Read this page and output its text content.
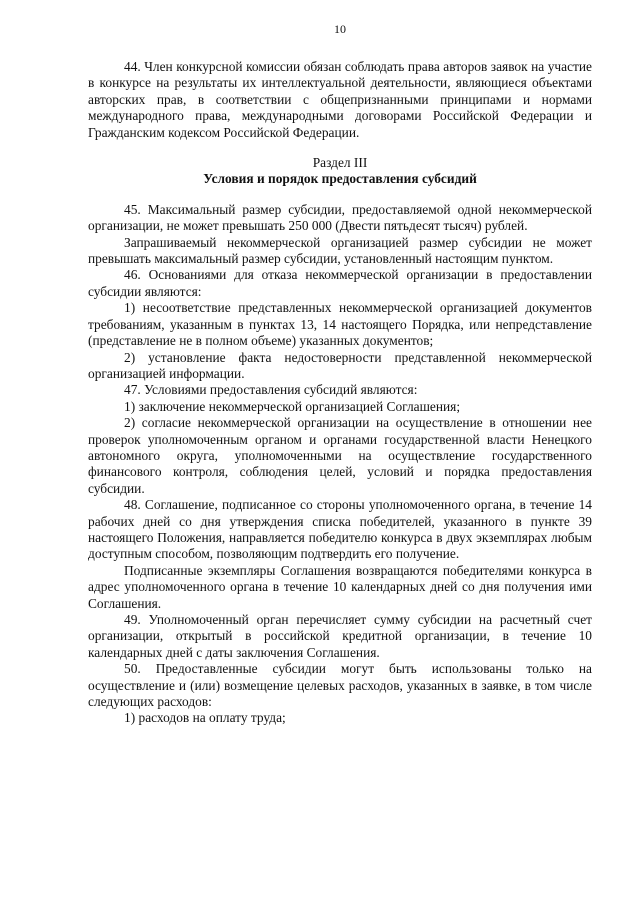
10

44. Член конкурсной комиссии обязан соблюдать права авторов заявок на участие в конкурсе на результаты их интеллектуальной деятельности, являющиеся объектами авторских прав, в соответствии с общепризнанными принципами и нормами международного права, международными договорами Российской Федерации и Гражданским кодексом Российской Федерации.

Раздел III

Условия и порядок предоставления субсидий

45. Максимальный размер субсидии, предоставляемой одной некоммерческой организации, не может превышать 250 000 (Двести пятьдесят тысяч) рублей.

Запрашиваемый некоммерческой организацией размер субсидии не может превышать максимальный размер субсидии, установленный настоящим пунктом.

46. Основаниями для отказа некоммерческой организации в предоставлении субсидии являются:

1) несоответствие представленных некоммерческой организацией документов требованиям, указанным в пунктах 13, 14 настоящего Порядка, или непредставление (представление не в полном объеме) указанных документов;

2) установление факта недостоверности представленной некоммерческой организацией информации.

47. Условиями предоставления субсидий являются:

1) заключение некоммерческой организацией Соглашения;

2) согласие некоммерческой организации на осуществление в отношении нее проверок уполномоченным органом и органами государственной власти Ненецкого автономного округа, уполномоченными на осуществление государственного финансового контроля, соблюдения целей, условий и порядка предоставления субсидии.

48. Соглашение, подписанное со стороны уполномоченного органа, в течение 14 рабочих дней со дня утверждения списка победителей, указанного в пункте 39 настоящего Положения, направляется победителю конкурса в двух экземплярах любым доступным способом, позволяющим подтвердить его получение.

Подписанные экземпляры Соглашения возвращаются победителями конкурса в адрес уполномоченного органа в течение 10 календарных дней со дня получения ими Соглашения.

49. Уполномоченный орган перечисляет сумму субсидии на расчетный счет организации, открытый в российской кредитной организации, в течение 10 календарных дней с даты заключения Соглашения.

50. Предоставленные субсидии могут быть использованы только на осуществление и (или) возмещение целевых расходов, указанных в заявке, в том числе следующих расходов:

1) расходов на оплату труда;
